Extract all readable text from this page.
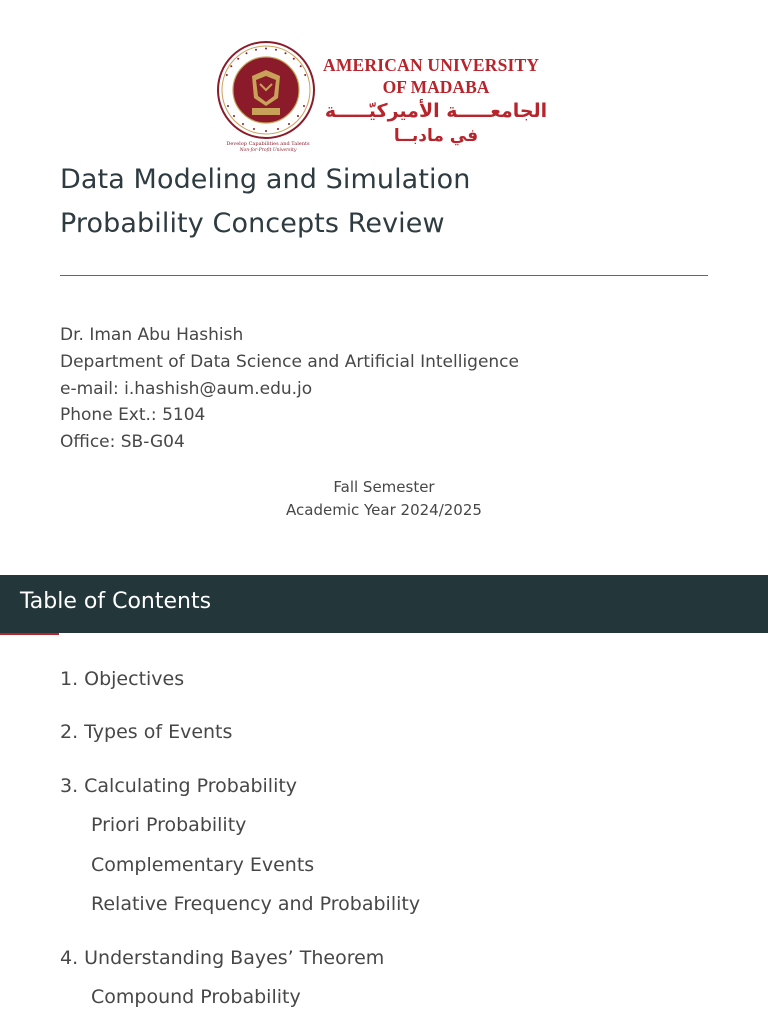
Develop Capabilities and Talents
Non-for-Profit University
AMERICAN UNIVERSITY
OF MADABA
الجامعـــــة الأميركيّـــــة
في مادبــا
Data Modeling and Simulation
Probability Concepts Review
Dr. Iman Abu Hashish
Department of Data Science and Artificial Intelligence
e-mail: i.hashish@aum.edu.jo
Phone Ext.: 5104
Office: SB-G04
Fall Semester
Academic Year 2024/2025
Table of Contents
1. Objectives
2. Types of Events
3. Calculating Probability
Priori Probability
Complementary Events
Relative Frequency and Probability
4. Understanding Bayes’ Theorem
Compound Probability
